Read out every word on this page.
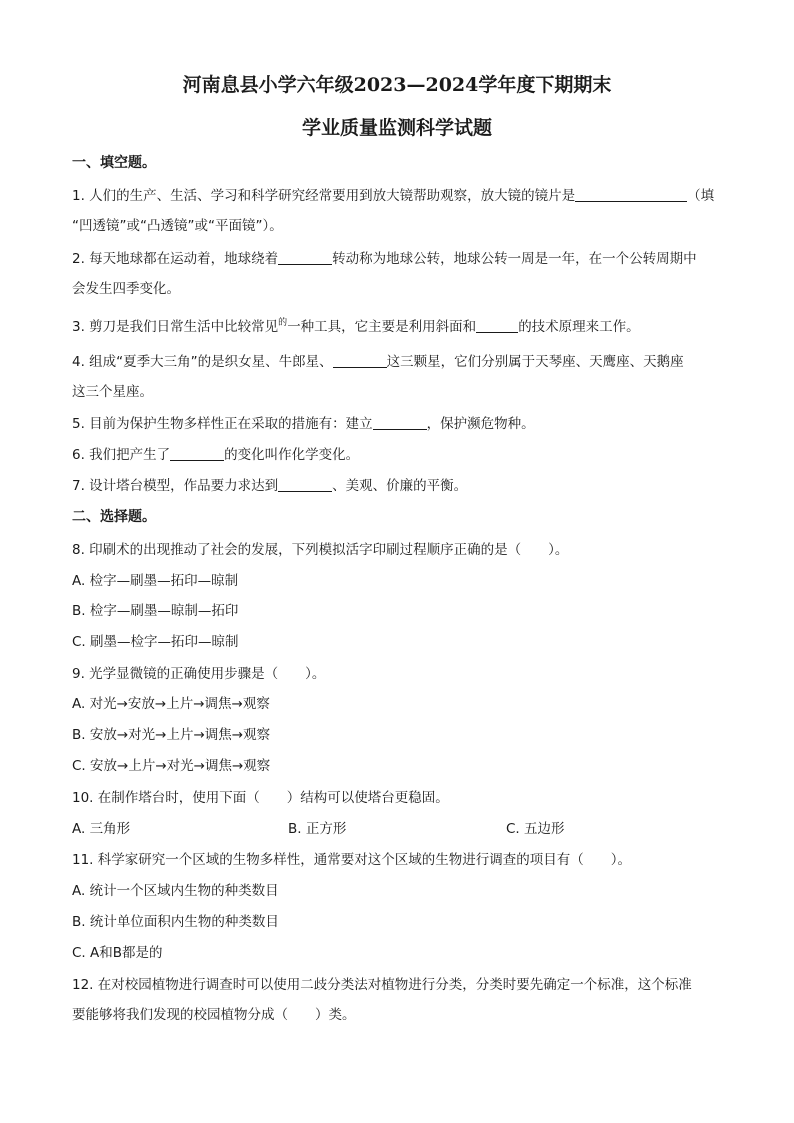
河南息县小学六年级2023—2024学年度下期期末
学业质量监测科学试题
一、填空题。
1. 人们的生产、生活、学习和科学研究经常要用到放大镜帮助观察，放大镜的镜片是	（填
“凹透镜”或“凸透镜”或“平面镜”）。
2. 每天地球都在运动着，地球绕着	转动称为地球公转，地球公转一周是一年，在一个公转周期中
会发生四季变化。
3. 剪刀是我们日常生活中比较常见$^的$一种工具，它主要是利用斜面和	的技术原理来工作。
4. 组成“夏季大三角”的是织女星、牛郎星、	这三颗星，它们分别属于天琴座、天鹰座、天鹅座
这三个星座。
5. 目前为保护生物多样性正在采取的措施有：建立	，保护濒危物种。
6. 我们把产生了	的变化叫作化学变化。
7. 设计塔台模型，作品要力求达到	、美观、价廉的平衡。
二、选择题。
8. 印刷术的出现推动了社会的发展，下列模拟活字印刷过程顺序正确的是（　　）。
A. 检字—刷墨—拓印—晾制
B. 检字—刷墨—晾制—拓印
C. 刷墨—检字—拓印—晾制
9. 光学显微镜的正确使用步骤是（　　）。
A. 对光→安放→上片→调焦→观察
B. 安放→对光→上片→调焦→观察
C. 安放→上片→对光→调焦→观察
10. 在制作塔台时，使用下面（　　）结构可以使塔台更稳固。
A. 三角形	B. 正方形	C. 五边形
11. 科学家研究一个区域的生物多样性，通常要对这个区域的生物进行调查的项目有（　　）。
A. 统计一个区域内生物的种类数目
B. 统计单位面积内生物的种类数目
C. A和B都是的
12. 在对校园植物进行调查时可以使用二歧分类法对植物进行分类，分类时要先确定一个标准，这个标准
要能够将我们发现的校园植物分成（　　）类。
